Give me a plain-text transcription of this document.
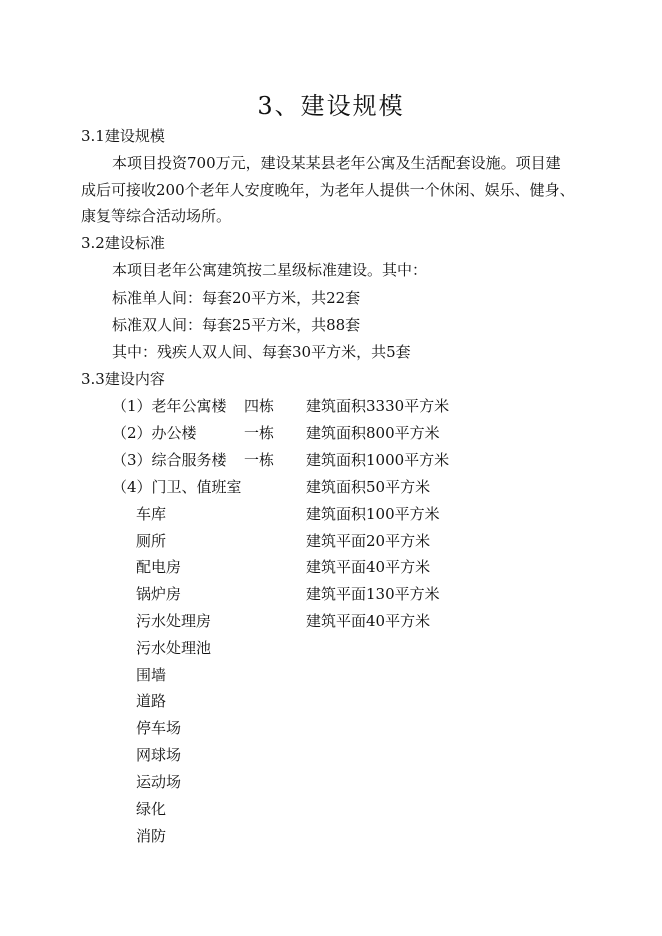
3、建设规模
3.1建设规模
本项目投资700万元，建设某某县老年公寓及生活配套设施。项目建
成后可接收200个老年人安度晚年，为老年人提供一个休闲、娱乐、健身、
康复等综合活动场所。
3.2建设标准
本项目老年公寓建筑按二星级标准建设。其中：
标准单人间：每套20平方米，共22套
标准双人间：每套25平方米，共88套
其中：残疾人双人间、每套30平方米，共5套
3.3建设内容
（1）老年公寓楼 四栋 建筑面积3330平方米
（2）办公楼	一栋 建筑面积800平方米
（3）综合服务楼 一栋 建筑面积1000平方米
（4）门卫、值班室	建筑面积50平方米
车库	建筑面积100平方米
厕所	建筑平面20平方米
配电房	建筑平面40平方米
锅炉房	建筑平面130平方米
污水处理房	建筑平面40平方米
污水处理池
围墙
道路
停车场
网球场
运动场
绿化
消防
